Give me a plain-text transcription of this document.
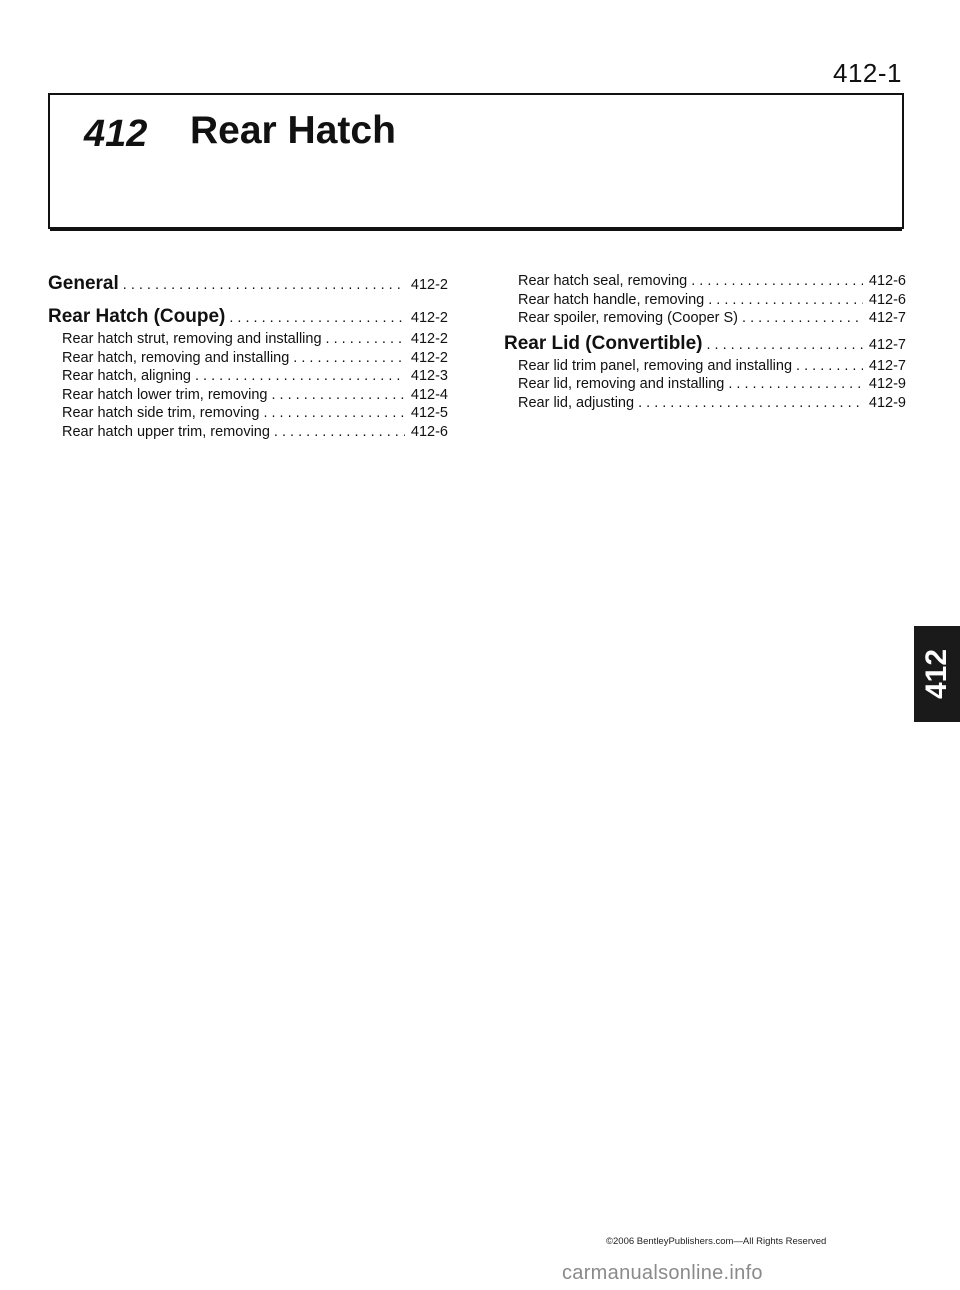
412-1
412 Rear Hatch
General . . .	412-2
Rear Hatch (Coupe) . . .	412-2
Rear hatch strut, removing and installing . . .	412-2
Rear hatch, removing and installing . . .	412-2
Rear hatch, aligning . . .	412-3
Rear hatch lower trim, removing . . .	412-4
Rear hatch side trim, removing . . .	412-5
Rear hatch upper trim, removing . . .	412-6
Rear hatch seal, removing . . .	412-6
Rear hatch handle, removing . . .	412-6
Rear spoiler, removing (Cooper S) . . .	412-7
Rear Lid (Convertible) . . .	412-7
Rear lid trim panel, removing and installing . . .	412-7
Rear lid, removing and installing . . .	412-9
Rear lid, adjusting . . .	412-9
412
©2006 BentleyPublishers.com—All Rights Reserved
carmanualsonline.info
